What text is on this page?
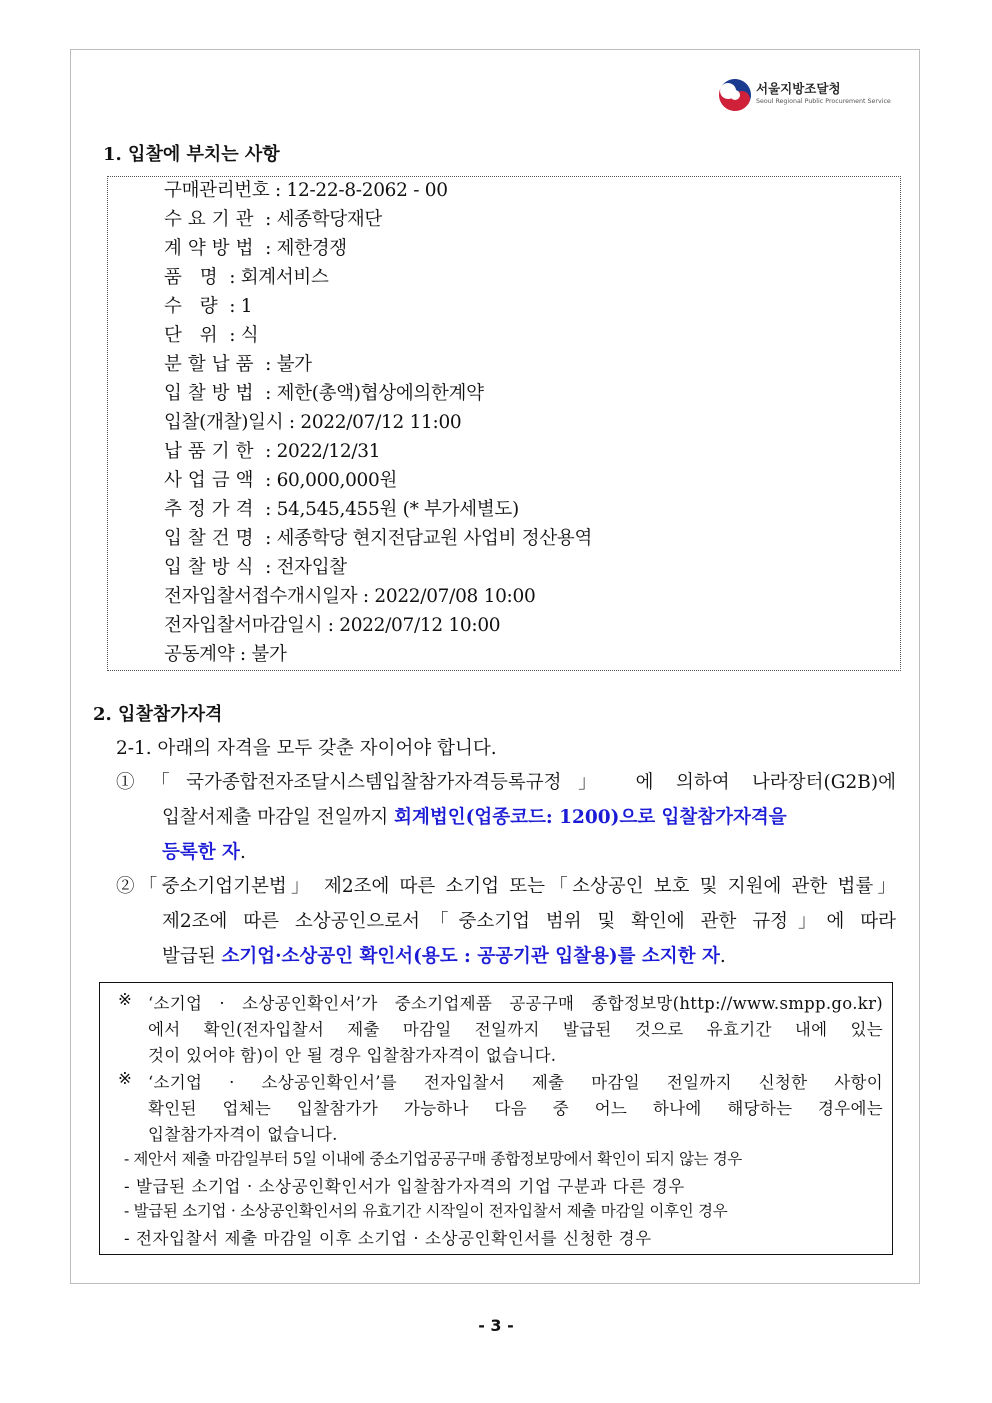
서울지방조달청
Seoul Regional Public Procurement Service
1. 입찰에 부치는 사항
구매관리번호 : 12-22-8-2062 - 00
수요기관 : 세종학당재단
계약방법 : 제한경쟁
품 명 : 회계서비스
수 량 : 1
단 위 : 식
분할납품 : 불가
입찰방법 : 제한(총액)협상에의한계약
입찰(개찰)일시 : 2022/07/12 11:00
납품기한 : 2022/12/31
사업금액 : 60,000,000원
추정가격 : 54,545,455원 (* 부가세별도)
입찰건명 : 세종학당 현지전담교원 사업비 정산용역
입찰방식 : 전자입찰
전자입찰서접수개시일자 : 2022/07/08 10:00
전자입찰서마감일시 : 2022/07/12 10:00
공동계약 : 불가
2. 입찰참가자격
2-1. 아래의 자격을 모두 갖춘 자이어야 합니다.
①「국가종합전자조달시스템입찰참가자격등록규정」 에 의하여 나라장터(G2B)에
입찰서제출 마감일 전일까지 회계법인(업종코드: 1200)으로 입찰참가자격을
등록한 자.
②「중소기업기본법」 제2조에 따른 소기업 또는「소상공인 보호 및 지원에 관한 법률」
제2조에 따른 소상공인으로서「중소기업 범위 및 확인에 관한 규정」에 따라
발급된 소기업·소상공인 확인서(용도 : 공공기관 입찰용)를 소지한 자.
※ ‘소기업 · 소상공인확인서’가 중소기업제품 공공구매 종합정보망(http://www.smpp.go.kr)
에서 확인(전자입찰서 제출 마감일 전일까지 발급된 것으로 유효기간 내에 있는
것이 있어야 함)이 안 될 경우 입찰참가자격이 없습니다.
※ ‘소기업 · 소상공인확인서’를 전자입찰서 제출 마감일 전일까지 신청한 사항이
확인된 업체는 입찰참가가 가능하나 다음 중 어느 하나에 해당하는 경우에는
입찰참가자격이 없습니다.
- 제안서 제출 마감일부터 5일 이내에 중소기업공공구매 종합정보망에서 확인이 되지 않는 경우
- 발급된 소기업 · 소상공인확인서가 입찰참가자격의 기업 구분과 다른 경우
- 발급된 소기업 · 소상공인확인서의 유효기간 시작일이 전자입찰서 제출 마감일 이후인 경우
- 전자입찰서 제출 마감일 이후 소기업 · 소상공인확인서를 신청한 경우
- 3 -
